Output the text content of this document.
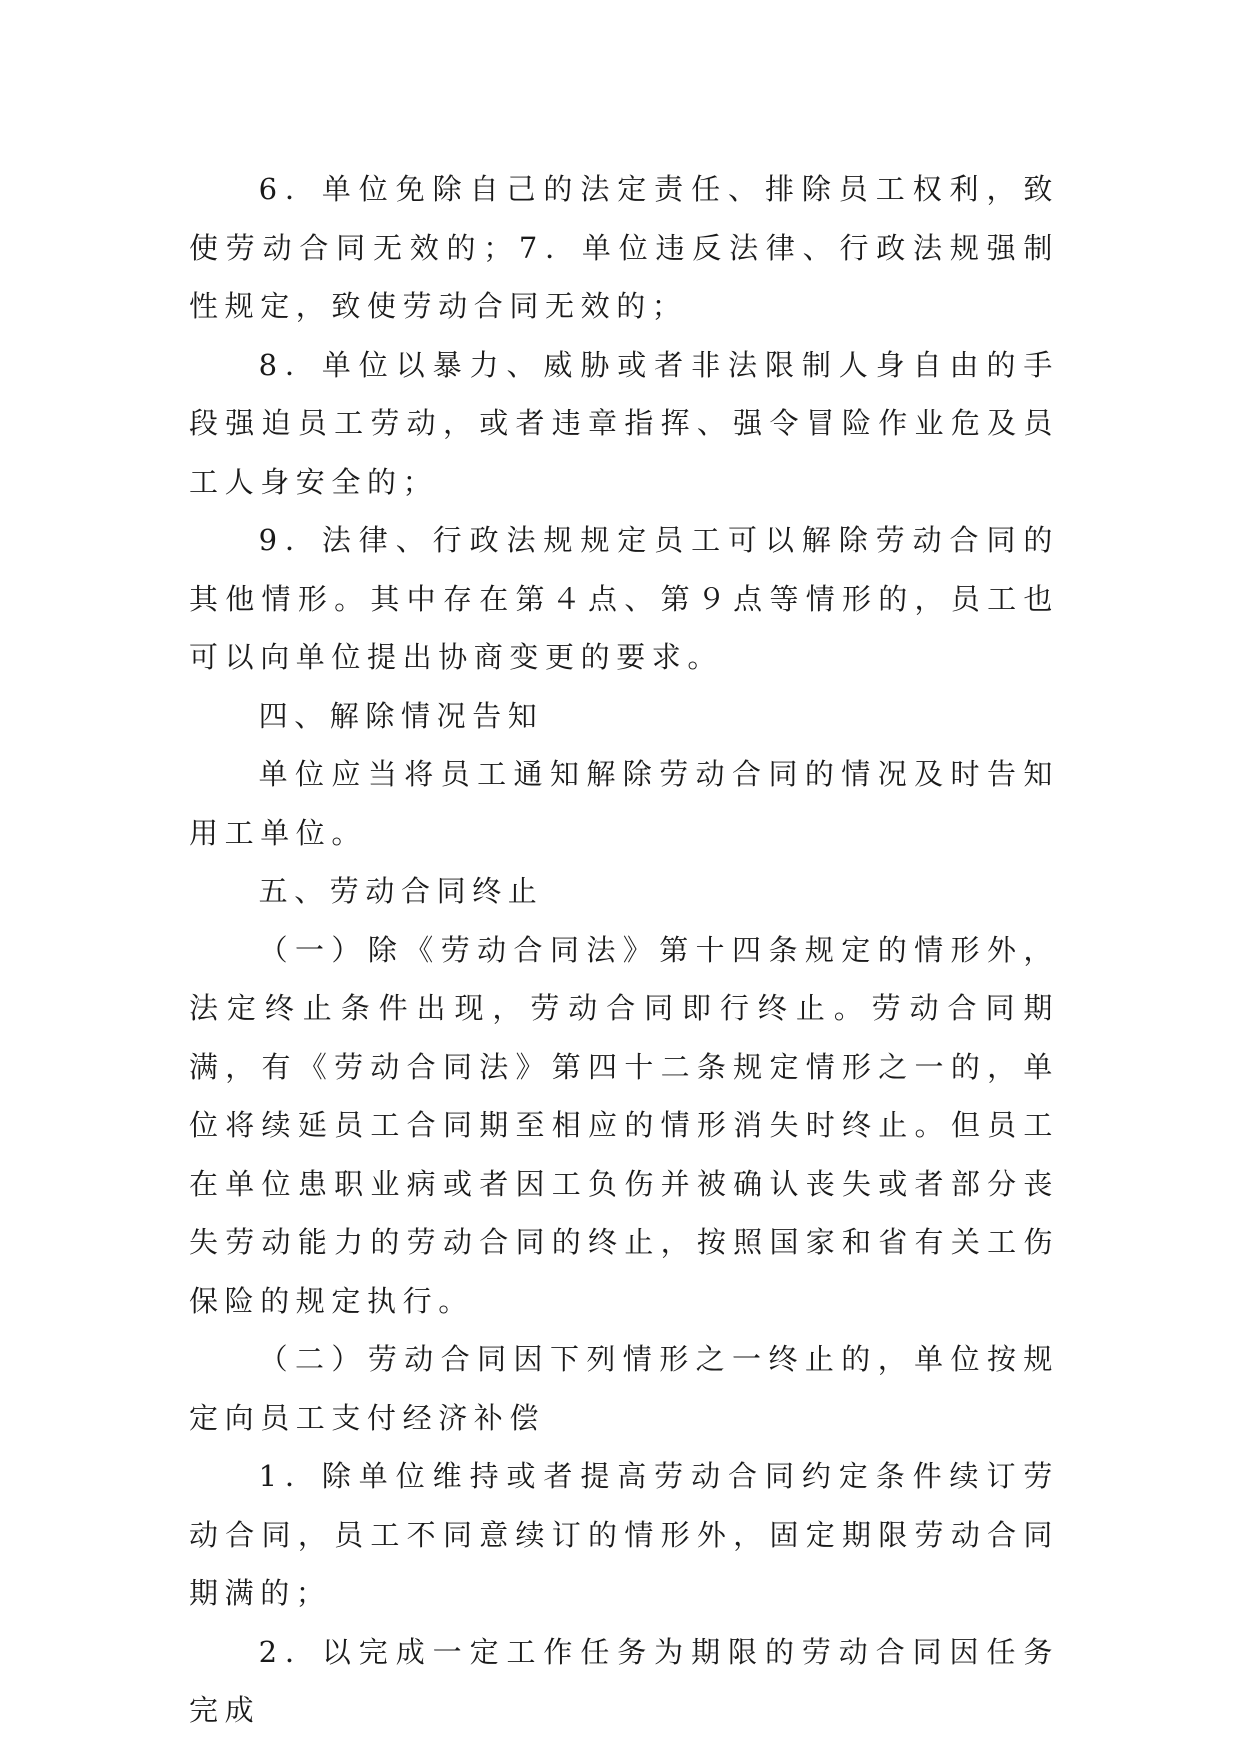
6．单位免除自己的法定责任、排除员工权利，致使劳动合同无效的；7．单位违反法律、行政法规强制性规定，致使劳动合同无效的；

8．单位以暴力、威胁或者非法限制人身自由的手段强迫员工劳动，或者违章指挥、强令冒险作业危及员工人身安全的；

9．法律、行政法规规定员工可以解除劳动合同的其他情形。其中存在第４点、第９点等情形的，员工也可以向单位提出协商变更的要求。

四、解除情况告知

单位应当将员工通知解除劳动合同的情况及时告知用工单位。

五、劳动合同终止

（一）除《劳动合同法》第十四条规定的情形外，法定终止条件出现，劳动合同即行终止。劳动合同期满，有《劳动合同法》第四十二条规定情形之一的，单位将续延员工合同期至相应的情形消失时终止。但员工在单位患职业病或者因工负伤并被确认丧失或者部分丧失劳动能力的劳动合同的终止，按照国家和省有关工伤保险的规定执行。

（二）劳动合同因下列情形之一终止的，单位按规定向员工支付经济补偿

1．除单位维持或者提高劳动合同约定条件续订劳动合同，员工不同意续订的情形外，固定期限劳动合同期满的；

2．以完成一定工作任务为期限的劳动合同因任务完成
